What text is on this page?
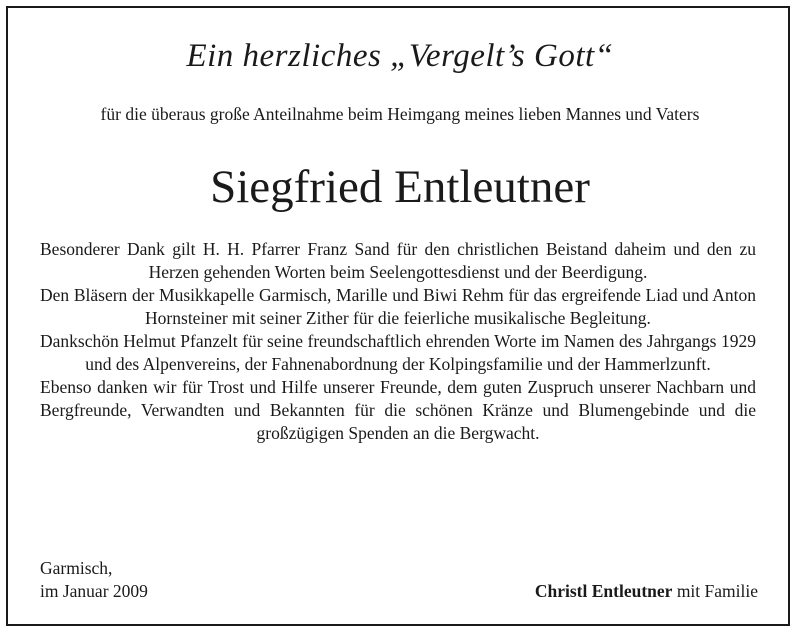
Ein herzliches „Vergelt’s Gott“
für die überaus große Anteilnahme beim Heimgang meines lieben Mannes und Vaters
Siegfried Entleutner

Besonderer Dank gilt H. H. Pfarrer Franz Sand für den christlichen Beistand daheim und den zu Herzen gehenden Worten beim Seelengottesdienst und der Beerdigung.

Den Bläsern der Musikkapelle Garmisch, Marille und Biwi Rehm für das ergreifende Liad und Anton Hornsteiner mit seiner Zither für die feierliche musikalische Begleitung.

Dankschön Helmut Pfanzelt für seine freundschaftlich ehrenden Worte im Namen des Jahrgangs 1929 und des Alpenvereins, der Fahnenabordnung der Kolpingsfamilie und der Hammerlzunft.

Ebenso danken wir für Trost und Hilfe unserer Freunde, dem guten Zuspruch unserer Nachbarn und Bergfreunde, Verwandten und Bekannten für die schönen Kränze und Blumengebinde und die großzügigen Spenden an die Bergwacht.

Garmisch,
im Januar 2009	Christl Entleutner mit Familie
